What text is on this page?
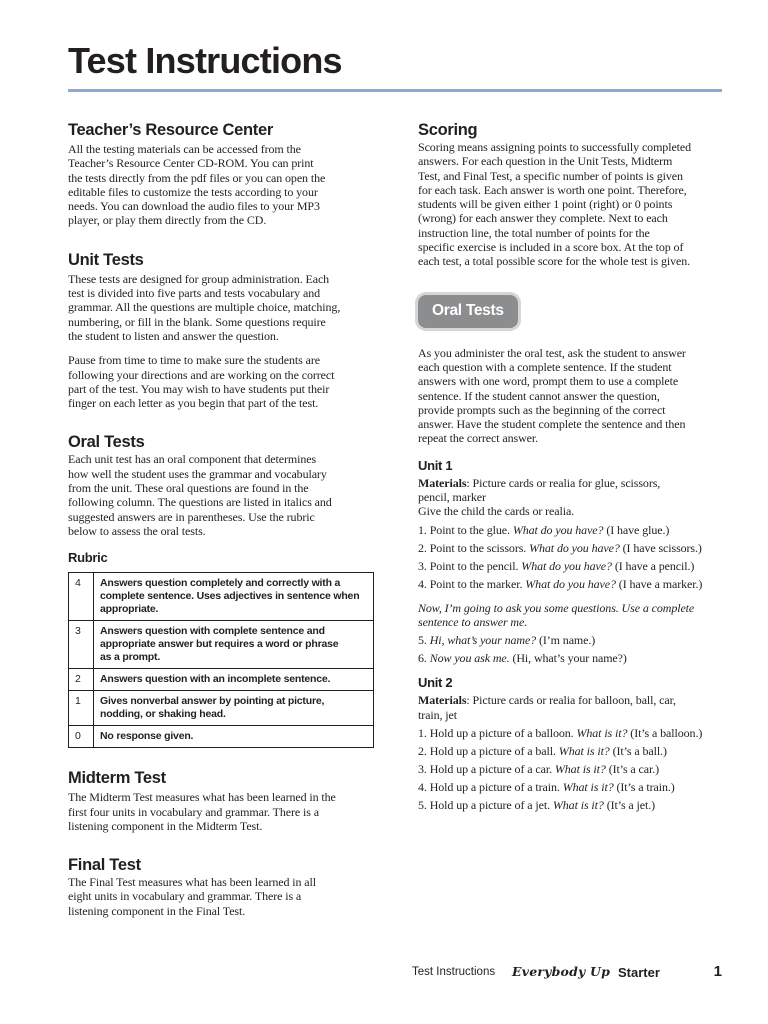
Test Instructions
Teacher’s Resource Center

All the testing materials can be accessed from the

Teacher’s Resource Center CD-ROM. You can print

the tests directly from the pdf files or you can open the

editable files to customize the tests according to your

needs. You can download the audio files to your MP3

player, or play them directly from the CD.

Unit Tests

These tests are designed for group administration. Each

test is divided into five parts and tests vocabulary and

grammar. All the questions are multiple choice, matching,

numbering, or fill in the blank. Some questions require

the student to listen and answer the question.

Pause from time to time to make sure the students are

following your directions and are working on the correct

part of the test. You may wish to have students put their

finger on each letter as you begin that part of the test.

Oral Tests

Each unit test has an oral component that determines

how well the student uses the grammar and vocabulary

from the unit. These oral questions are found in the

following column. The questions are listed in italics and

suggested answers are in parentheses. Use the rubric

below to assess the oral tests.

Rubric
4	Answers question completely and correctly with a
complete sentence. Uses adjectives in sentence when
appropriate.

3	Answers question with complete sentence and
appropriate answer but requires a word or phrase
as a prompt.

2	Answers question with an incomplete sentence.

1	Gives nonverbal answer by pointing at picture,
nodding, or shaking head.

0	No response given.
Midterm Test

The Midterm Test measures what has been learned in the

first four units in vocabulary and grammar. There is a

listening component in the Midterm Test.

Final Test

The Final Test measures what has been learned in all

eight units in vocabulary and grammar. There is a

listening component in the Final Test.

Scoring

Scoring means assigning points to successfully completed

answers. For each question in the Unit Tests, Midterm

Test, and Final Test, a specific number of points is given

for each task. Each answer is worth one point. Therefore,

students will be given either 1 point (right) or 0 points

(wrong) for each answer they complete. Next to each

instruction line, the total number of points for the

specific exercise is included in a score box. At the top of

each test, a total possible score for the whole test is given.

Oral Tests

As you administer the oral test, ask the student to answer

each question with a complete sentence. If the student

answers with one word, prompt them to use a complete

sentence. If the student cannot answer the question,

provide prompts such as the beginning of the correct

answer. Have the student complete the sentence and then

repeat the correct answer.

Unit 1

Materials: Picture cards or realia for glue, scissors,

pencil, marker

Give the child the cards or realia.

1. Point to the glue. What do you have? (I have glue.)
2. Point to the scissors. What do you have? (I have scissors.)
3. Point to the pencil. What do you have? (I have a pencil.)
4. Point to the marker. What do you have? (I have a marker.)

Now, I’m going to ask you some questions. Use a complete

sentence to answer me.

5. Hi, what’s your name? (I’m name.)
6. Now you ask me. (Hi, what’s your name?)
Unit 2

Materials: Picture cards or realia for balloon, ball, car,

train, jet

1. Hold up a picture of a balloon. What is it? (It’s a balloon.)
2. Hold up a picture of a ball. What is it? (It’s a ball.)
3. Hold up a picture of a car. What is it? (It’s a car.)
4. Hold up a picture of a train. What is it? (It’s a train.)
5. Hold up a picture of a jet. What is it? (It’s a jet.)
Test Instructions Everybody Up Starter	1
